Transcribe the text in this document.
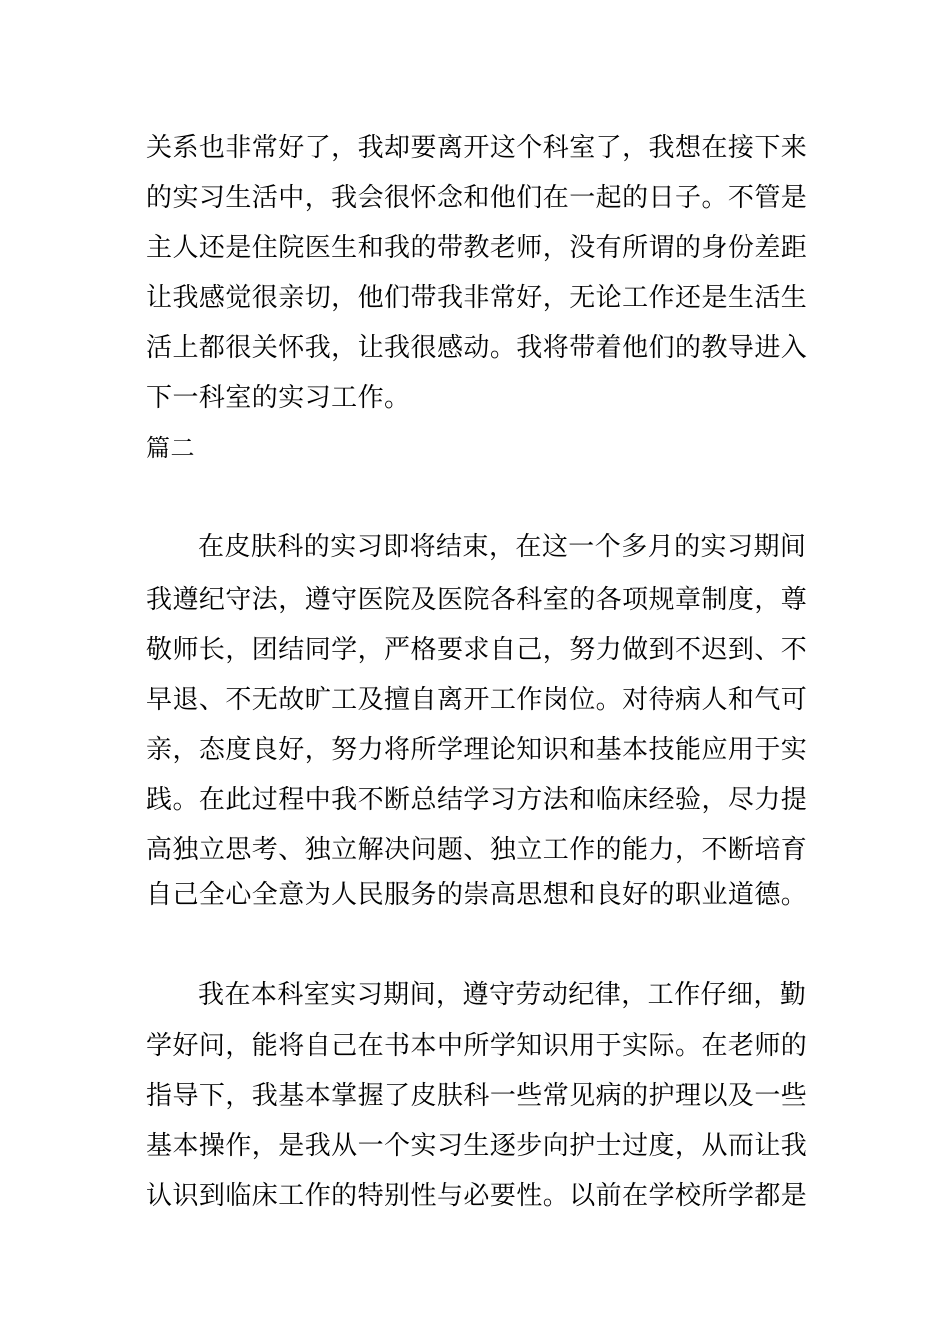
关系也非常好了，我却要离开这个科室了，我想在接下来
的实习生活中，我会很怀念和他们在一起的日子。不管是
主人还是住院医生和我的带教老师，没有所谓的身份差距
让我感觉很亲切，他们带我非常好，无论工作还是生活生
活上都很关怀我，让我很感动。我将带着他们的教导进入
下一科室的实习工作。
篇二
在皮肤科的实习即将结束，在这一个多月的实习期间
我遵纪守法，遵守医院及医院各科室的各项规章制度，尊
敬师长，团结同学，严格要求自己，努力做到不迟到、不
早退、不无故旷工及擅自离开工作岗位。对待病人和气可
亲，态度良好，努力将所学理论知识和基本技能应用于实
践。在此过程中我不断总结学习方法和临床经验，尽力提
高独立思考、独立解决问题、独立工作的能力，不断培育
自己全心全意为人民服务的崇高思想和良好的职业道德。
我在本科室实习期间，遵守劳动纪律，工作仔细，勤
学好问，能将自己在书本中所学知识用于实际。在老师的
指导下，我基本掌握了皮肤科一些常见病的护理以及一些
基本操作，是我从一个实习生逐步向护士过度，从而让我
认识到临床工作的特别性与必要性。以前在学校所学都是
